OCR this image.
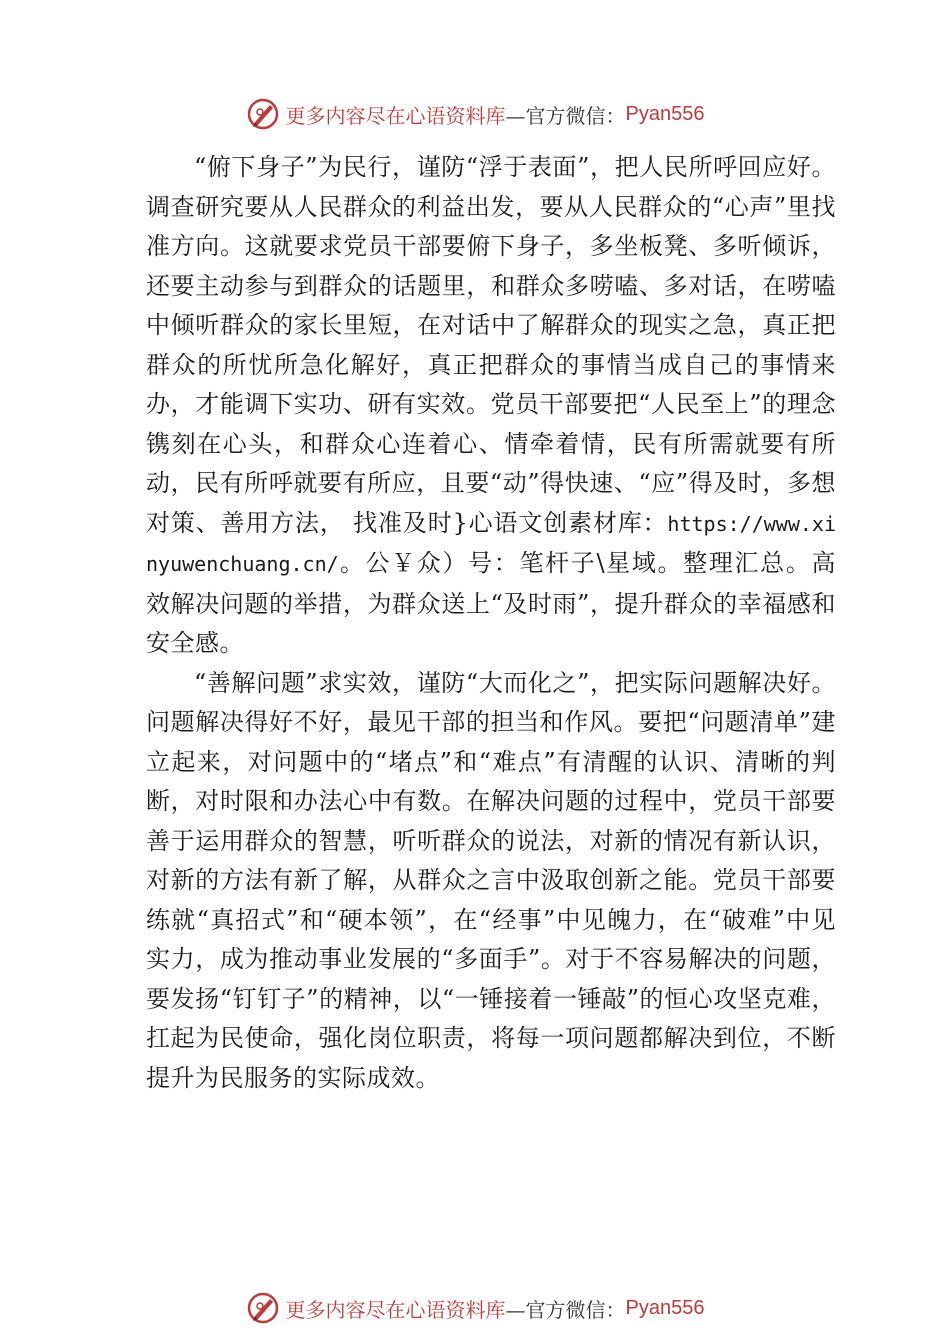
更多内容尽在心语资料库 —官方微信： Pyan556

“俯下身子”为民行，谨防“浮于表面”，把人民所呼回应好。调查研究要从人民群众的利益出发，要从人民群众的“心声”里找准方向。这就要求党员干部要俯下身子，多坐板凳、多听倾诉，还要主动参与到群众的话题里，和群众多唠嗑、多对话，在唠嗑中倾听群众的家长里短，在对话中了解群众的现实之急，真正把群众的所忧所急化解好，真正把群众的事情当成自己的事情来办，才能调下实功、研有实效。党员干部要把“人民至上”的理念镌刻在心头，和群众心连着心、情牵着情，民有所需就要有所动，民有所呼就要有所应，且要“动”得快速、“应”得及时，多想对策、善用方法， 找准及时}心语文创素材库：https://www.xinyuwenchuang.cn/。公￥众）号：笔杆子\星域。整理汇总。高效解决问题的举措，为群众送上“及时雨”，提升群众的幸福感和安全感。

“善解问题”求实效，谨防“大而化之”，把实际问题解决好。问题解决得好不好，最见干部的担当和作风。要把“问题清单”建立起来，对问题中的“堵点”和“难点”有清醒的认识、清晰的判断，对时限和办法心中有数。在解决问题的过程中，党员干部要善于运用群众的智慧，听听群众的说法，对新的情况有新认识，对新的方法有新了解，从群众之言中汲取创新之能。党员干部要练就“真招式”和“硬本领”，在“经事”中见魄力，在“破难”中见实力，成为推动事业发展的“多面手”。对于不容易解决的问题，要发扬“钉钉子”的精神，以“一锤接着一锤敲”的恒心攻坚克难，扛起为民使命，强化岗位职责，将每一项问题都解决到位，不断提升为民服务的实际成效。

更多内容尽在心语资料库 —官方微信： Pyan556
